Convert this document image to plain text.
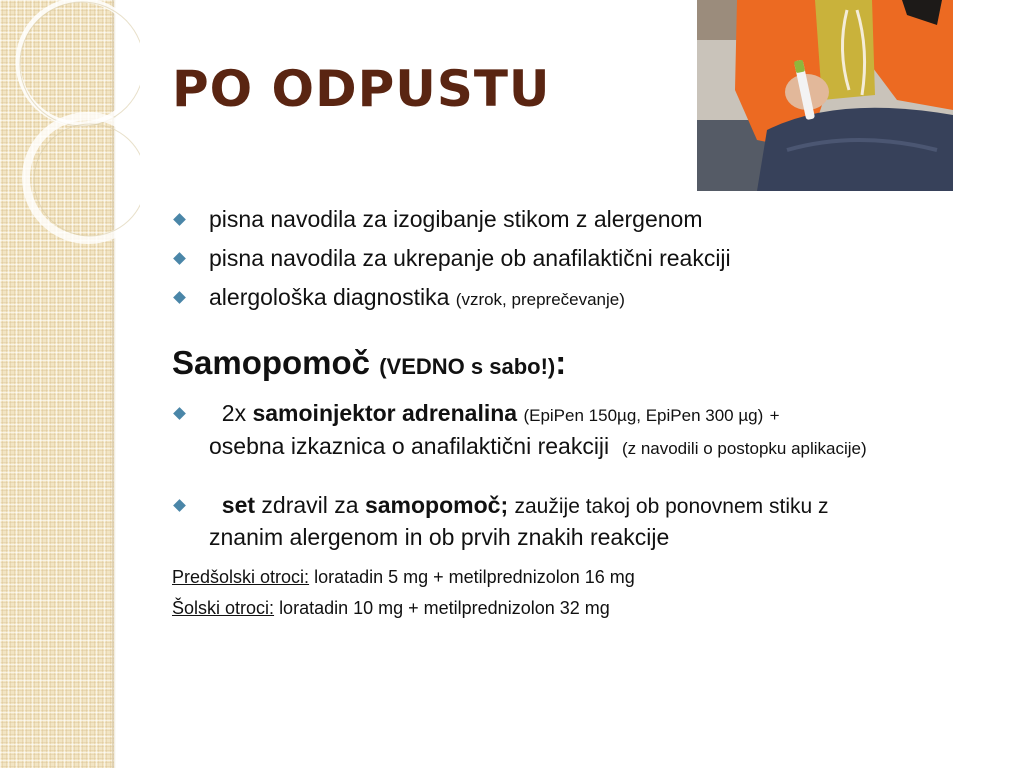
PO ODPUSTU
pisna navodila za izogibanje stikom z alergenom
pisna navodila za ukrepanje ob anafilaktični reakciji
alergološka diagnostika (vzrok, preprečevanje)
Samopomoč (VEDNO s sabo!):
2x samoinjektor adrenalina (EpiPen 150µg, EpiPen 300 µg) +
osebna izkaznica o anafilaktični reakciji (z navodili o postopku aplikacije)
set zdravil za samopomoč; zaužije takoj ob ponovnem stiku z
znanim alergenom in ob prvih znakih reakcije

Predšolski otroci: loratadin 5 mg + metilprednizolon 16 mg

Šolski otroci: loratadin 10 mg + metilprednizolon 32 mg
